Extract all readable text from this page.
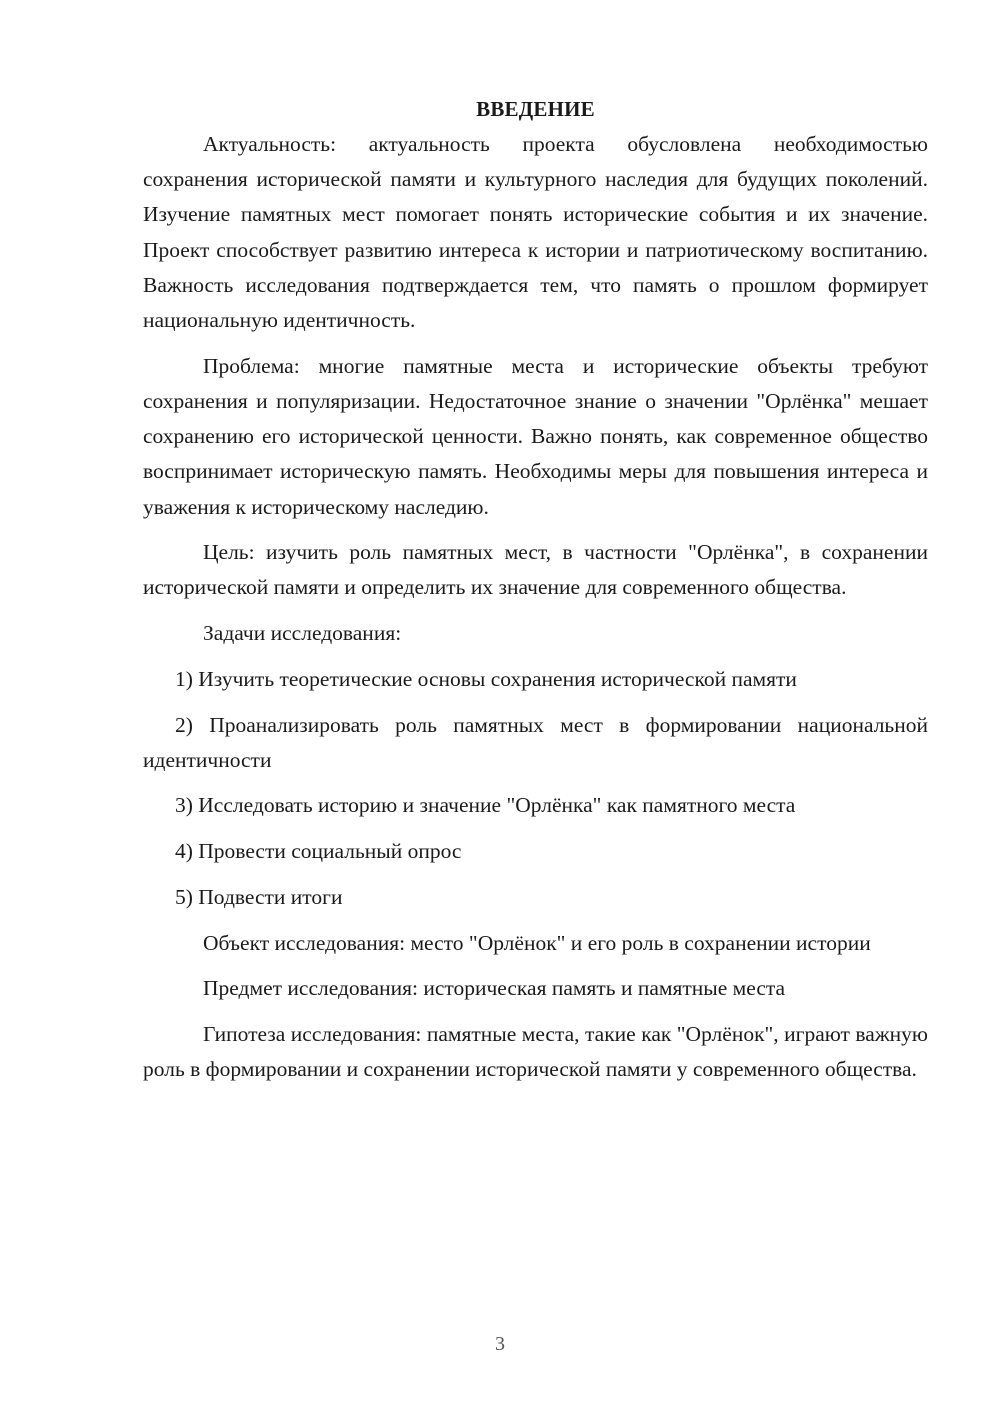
ВВЕДЕНИЕ

Актуальность: актуальность проекта обусловлена необходимостью сохранения исторической памяти и культурного наследия для будущих поколений. Изучение памятных мест помогает понять исторические события и их значение. Проект способствует развитию интереса к истории и патриотическому воспитанию. Важность исследования подтверждается тем, что память о прошлом формирует национальную идентичность.

Проблема: многие памятные места и исторические объекты требуют сохранения и популяризации. Недостаточное знание о значении "Орлёнка" мешает сохранению его исторической ценности. Важно понять, как современное общество воспринимает историческую память. Необходимы меры для повышения интереса и уважения к историческому наследию.

Цель: изучить роль памятных мест, в частности "Орлёнка", в сохранении исторической памяти и определить их значение для современного общества.

Задачи исследования:

1) Изучить теоретические основы сохранения исторической памяти

2) Проанализировать роль памятных мест в формировании национальной идентичности

3) Исследовать историю и значение "Орлёнка" как памятного места

4) Провести социальный опрос

5) Подвести итоги

Объект исследования: место "Орлёнок" и его роль в сохранении истории

Предмет исследования: историческая память и памятные места

Гипотеза исследования: памятные места, такие как "Орлёнок", играют важную роль в формировании и сохранении исторической памяти у современного общества.

3
